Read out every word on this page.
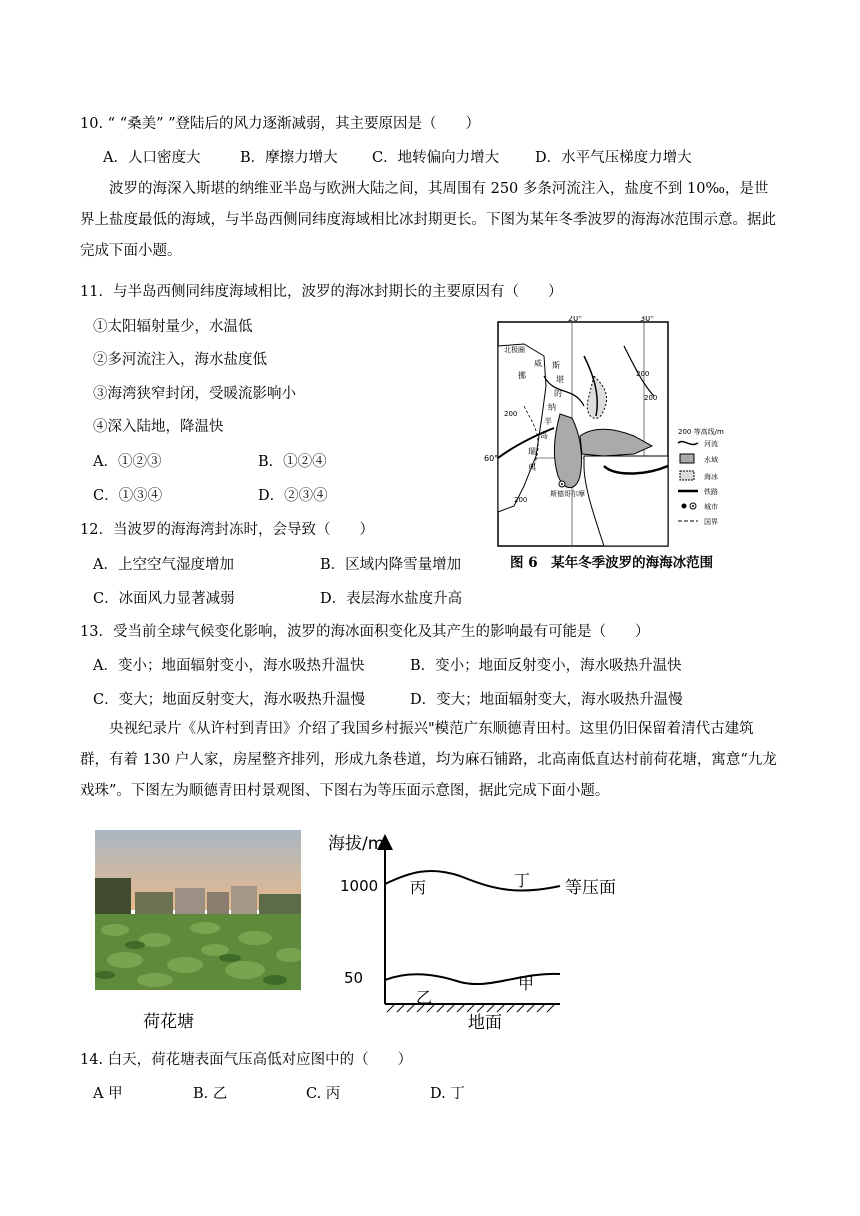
10. “ “桑美” ”登陆后的风力逐渐减弱，其主要原因是（　　）
A．人口密度大	B．摩擦力增大 C．地转偏向力增大 D．水平气压梯度力增大
波罗的海深入斯堪的纳维亚半岛与欧洲大陆之间，其周围有 250 多条河流注入，盐度不到 10‰，是世界上盐度最低的海域，与半岛西侧同纬度海域相比冰封期更长。下图为某年冬季波罗的海海冰范围示意。据此完成下面小题。
11．与半岛西侧同纬度海域相比，波罗的海冰封期长的主要原因有（　　）
①太阳辐射量少，水温低
②多河流注入，海水盐度低
③海湾狭窄封闭，受暖流影响小
④深入陆地，降温快
A．①②③	B．①②④
C．①③④	D．②③④
20°	30°
60°
北极圈
200
200
200
200
挪
威 斯
堪
的
纳
半
岛
瑞
典
斯德哥尔摩
200 等高线/m
河流
水域
海冰
铁路
城市
国界
图 6　某年冬季波罗的海海冰范围
12．当波罗的海海湾封冻时，会导致（　　）
A．上空空气湿度增加	B．区域内降雪量增加
C．冰面风力显著减弱	D．表层海水盐度升高
13．受当前全球气候变化影响，波罗的海冰面积变化及其产生的影响最有可能是（　　）
A．变小；地面辐射变小，海水吸热升温快	B．变小；地面反射变小，海水吸热升温快
C．变大；地面反射变大，海水吸热升温慢	D．变大；地面辐射变大，海水吸热升温慢
央视纪录片《从许村到青田》介绍了我国乡村振兴"模范广东顺德青田村。这里仍旧保留着清代古建筑群，有着 130 户人家，房屋整齐排列，形成九条巷道，均为麻石铺路，北高南低直达村前荷花塘，寓意“九龙戏珠”。下图左为顺德青田村景观图、下图右为等压面示意图，据此完成下面小题。
荷花塘
海拔/m
1000
50
丙	丁 等压面
乙
甲
地面
14. 白天，荷花塘表面气压高低对应图中的（　　）
A 甲	B. 乙	C. 丙	D. 丁
